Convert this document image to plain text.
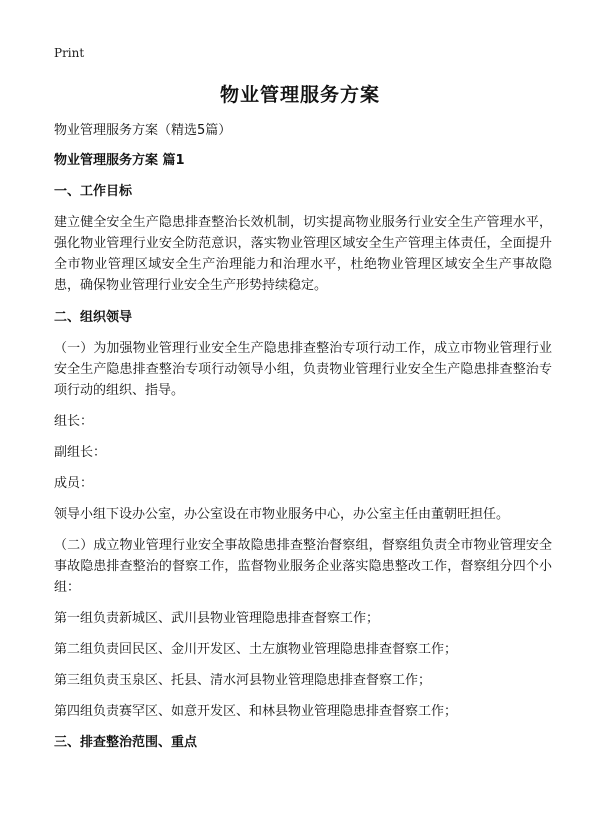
Print
物业管理服务方案
物业管理服务方案（精选5篇）
物业管理服务方案 篇1
一、工作目标

建立健全安全生产隐患排查整治长效机制，切实提高物业服务行业安全生产管理水平，强化物业管理行业安全防范意识，落实物业管理区域安全生产管理主体责任，全面提升全市物业管理区域安全生产治理能力和治理水平，杜绝物业管理区域安全生产事故隐患，确保物业管理行业安全生产形势持续稳定。

二、组织领导

（一）为加强物业管理行业安全生产隐患排查整治专项行动工作，成立市物业管理行业安全生产隐患排查整治专项行动领导小组，负责物业管理行业安全生产隐患排查整治专项行动的组织、指导。

组长：

副组长：

成员：

领导小组下设办公室，办公室设在市物业服务中心，办公室主任由董朝旺担任。

（二）成立物业管理行业安全事故隐患排查整治督察组，督察组负责全市物业管理安全事故隐患排查整治的督察工作，监督物业服务企业落实隐患整改工作，督察组分四个小组：

第一组负责新城区、武川县物业管理隐患排查督察工作；

第二组负责回民区、金川开发区、土左旗物业管理隐患排查督察工作；

第三组负责玉泉区、托县、清水河县物业管理隐患排查督察工作；

第四组负责赛罕区、如意开发区、和林县物业管理隐患排查督察工作；

三、排查整治范围、重点
